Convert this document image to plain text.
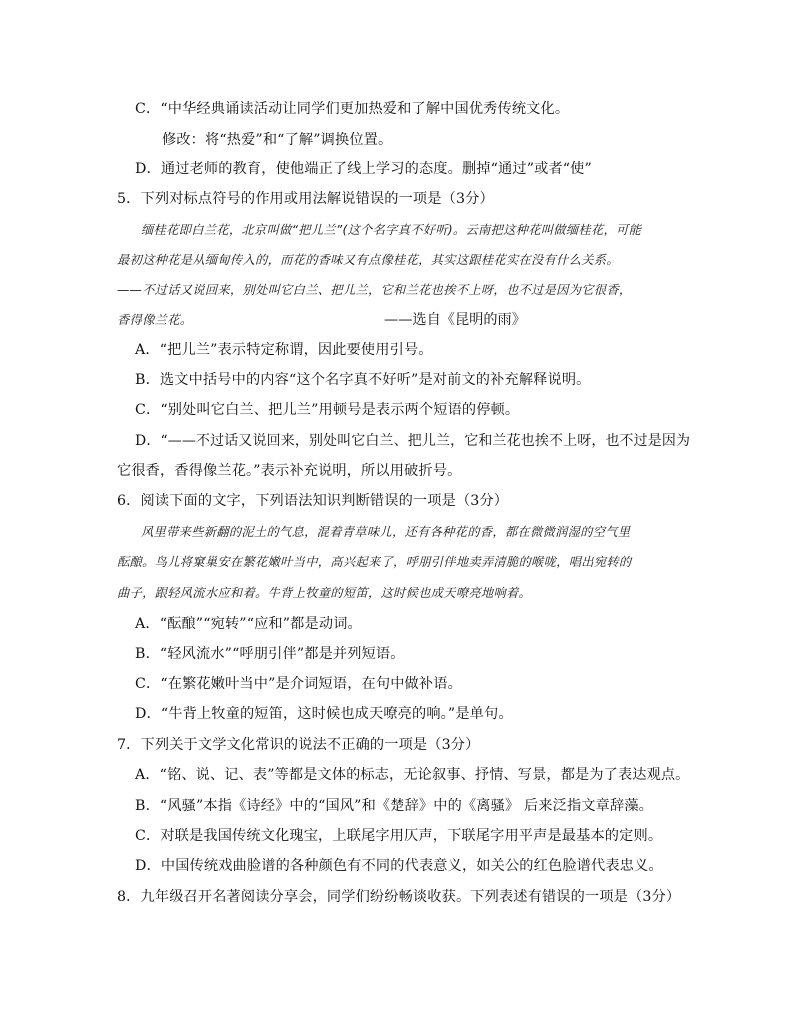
C．“中华经典诵读活动让同学们更加热爱和了解中国优秀传统文化。
修改：将“热爱”和“了解”调换位置。
D．通过老师的教育，使他端正了线上学习的态度。删掉“通过”或者“使”
5．下列对标点符号的作用或用法解说错误的一项是（3分）
缅桂花即白兰花，北京叫做“把儿兰”(这个名字真不好听)。云南把这种花叫做缅桂花，可能
最初这种花是从缅甸传入的，而花的香味又有点像桂花，其实这跟桂花实在没有什么关系。
——不过话又说回来，别处叫它白兰、把儿兰，它和兰花也挨不上呀，也不过是因为它很香，
香得像兰花。	——选自《昆明的雨》
A．“把儿兰”表示特定称谓，因此要使用引号。
B．选文中括号中的内容“这个名字真不好听”是对前文的补充解释说明。
C．“别处叫它白兰、把儿兰”用顿号是表示两个短语的停顿。
D．“——不过话又说回来，别处叫它白兰、把儿兰，它和兰花也挨不上呀，也不过是因为
它很香，香得像兰花。”表示补充说明，所以用破折号。
6．阅读下面的文字，下列语法知识判断错误的一项是（3分）
风里带来些新翻的泥土的气息，混着青草味儿，还有各种花的香，都在微微润湿的空气里
酝酿。鸟儿将窠巢安在繁花嫩叶当中，高兴起来了，呼朋引伴地卖弄清脆的喉咙，唱出宛转的
曲子，跟轻风流水应和着。牛背上牧童的短笛，这时候也成天嘹亮地响着。
A．“酝酿”“宛转”“应和”都是动词。
B．“轻风流水”“呼朋引伴”都是并列短语。
C．“在繁花嫩叶当中”是介词短语，在句中做补语。
D．“牛背上牧童的短笛，这时候也成天嘹亮的响。”是单句。
7．下列关于文学文化常识的说法不正确的一项是（3分）
A．“铭、说、记、表”等都是文体的标志，无论叙事、抒情、写景，都是为了表达观点。
B．“风骚”本指《诗经》中的“国风”和《楚辞》中的《离骚》 后来泛指文章辞藻。
C．对联是我国传统文化瑰宝，上联尾字用仄声，下联尾字用平声是最基本的定则。
D．中国传统戏曲脸谱的各种颜色有不同的代表意义，如关公的红色脸谱代表忠义。
8．九年级召开名著阅读分享会，同学们纷纷畅谈收获。下列表述有错误的一项是（3分）
